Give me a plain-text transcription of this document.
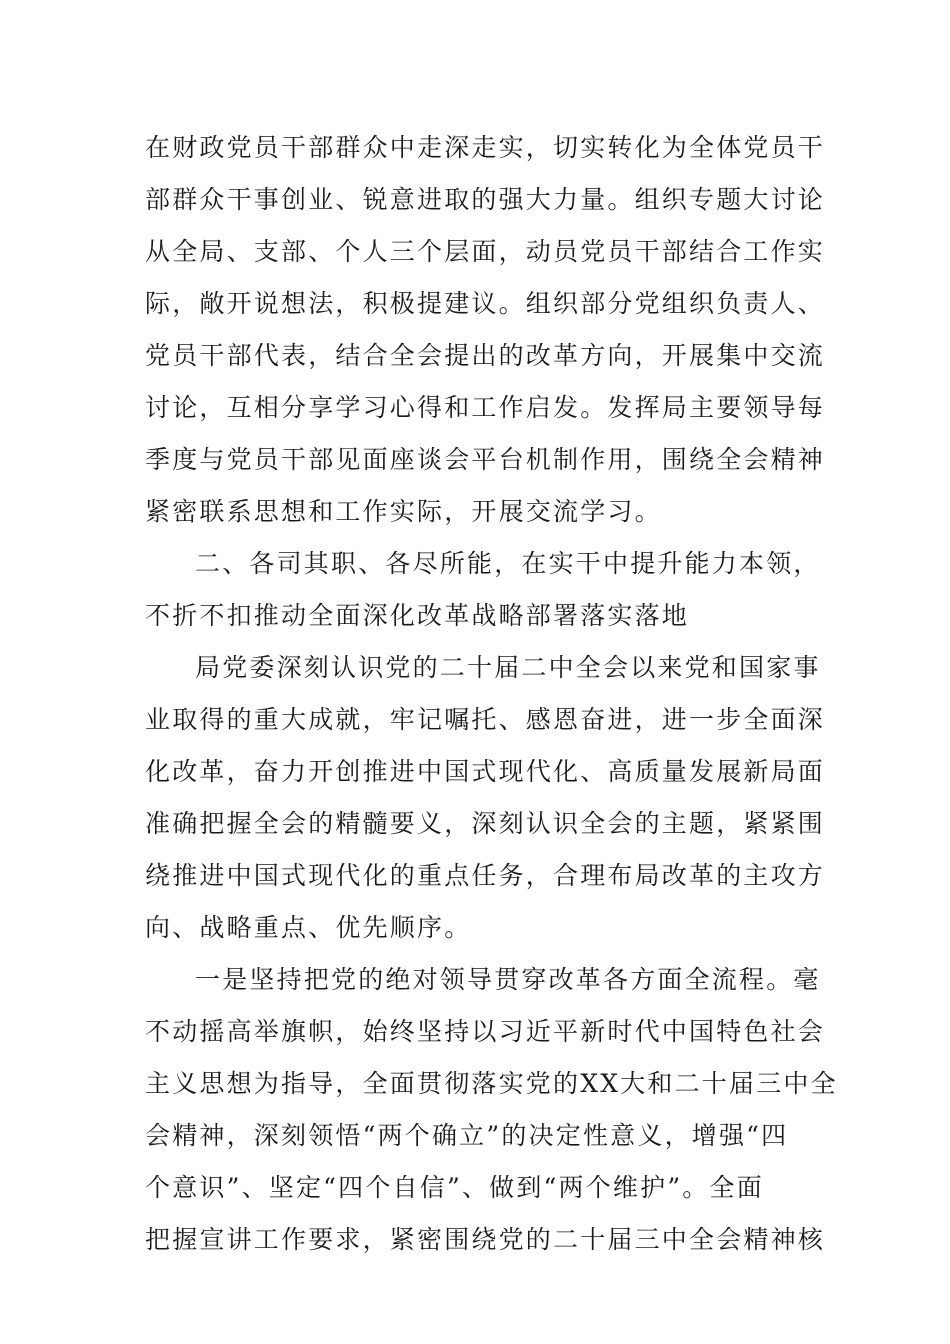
在财政党员干部群众中走深走实，切实转化为全体党员干
部群众干事创业、锐意进取的强大力量。组织专题大讨论
从全局、支部、个人三个层面，动员党员干部结合工作实
际，敞开说想法，积极提建议。组织部分党组织负责人、
党员干部代表，结合全会提出的改革方向，开展集中交流
讨论，互相分享学习心得和工作启发。发挥局主要领导每
季度与党员干部见面座谈会平台机制作用，围绕全会精神
紧密联系思想和工作实际，开展交流学习。
二、各司其职、各尽所能，在实干中提升能力本领，
不折不扣推动全面深化改革战略部署落实落地
局党委深刻认识党的二十届二中全会以来党和国家事
业取得的重大成就，牢记嘱托、感恩奋进，进一步全面深
化改革，奋力开创推进中国式现代化、高质量发展新局面
准确把握全会的精髓要义，深刻认识全会的主题，紧紧围
绕推进中国式现代化的重点任务，合理布局改革的主攻方
向、战略重点、优先顺序。
一是坚持把党的绝对领导贯穿改革各方面全流程。毫
不动摇高举旗帜，始终坚持以习近平新时代中国特色社会
主义思想为指导，全面贯彻落实党的XX大和二十届三中全
会精神，深刻领悟“两个确立”的决定性意义，增强“四
个意识”、坚定“四个自信”、做到“两个维护”。全面
把握宣讲工作要求，紧密围绕党的二十届三中全会精神核
